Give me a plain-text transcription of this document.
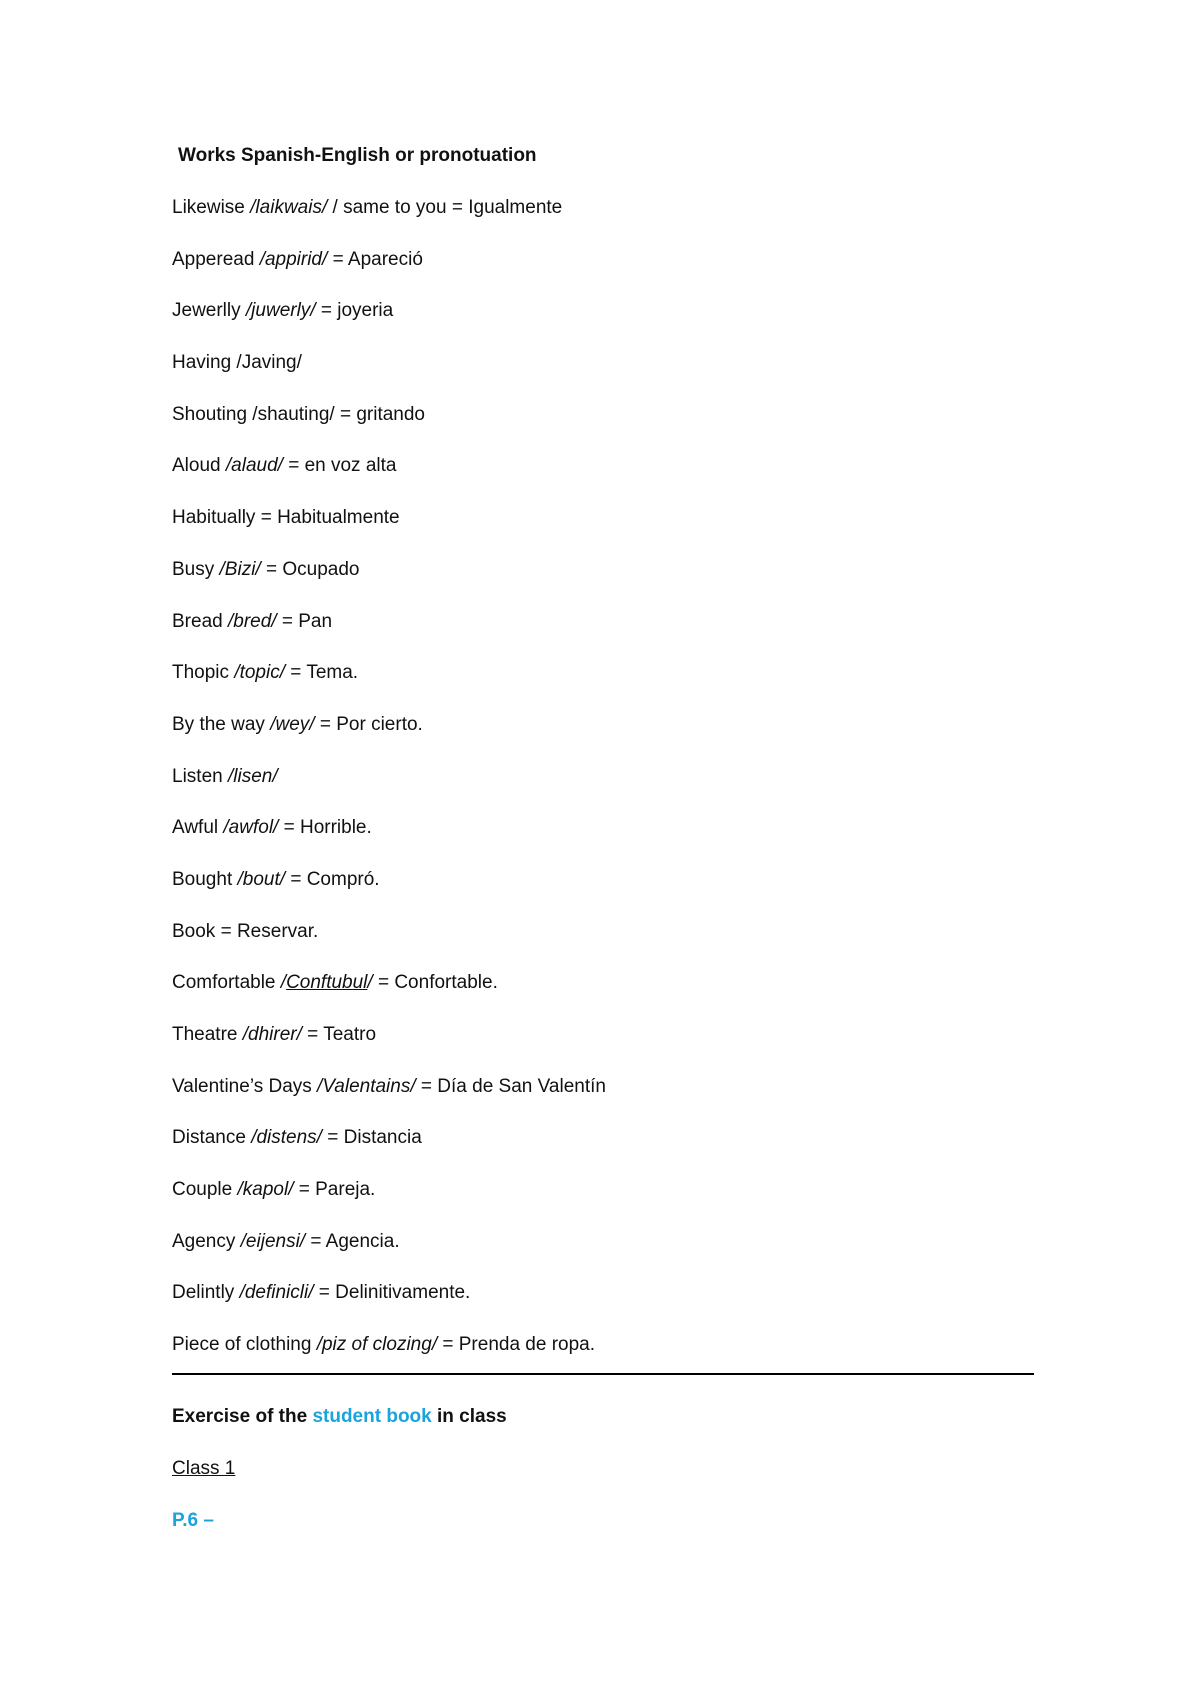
Works Spanish-English or pronotuation
Likewise /laikwais/ / same to you = Igualmente
Apperead /appirid/ = Apareció
Jewerlly /juwerly/ = joyeria
Having /Javing/
Shouting /shauting/ = gritando
Aloud /alaud/ = en voz alta
Habitually = Habitualmente
Busy /Bizi/ = Ocupado
Bread /bred/ = Pan
Thopic /topic/ = Tema.
By the way /wey/ = Por cierto.
Listen /lisen/
Awful /awfol/ = Horrible.
Bought /bout/ = Compró.
Book = Reservar.
Comfortable /Conftubul/ = Confortable.
Theatre /dhirer/ = Teatro
Valentine’s Days /Valentains/ = Día de San Valentín
Distance /distens/ = Distancia
Couple /kapol/ = Pareja.
Agency /eijensi/ = Agencia.
Delintly /definicli/ = Delinitivamente.
Piece of clothing /piz of clozing/ = Prenda de ropa.
Exercise of the student book in class
Class 1
P.6 –
